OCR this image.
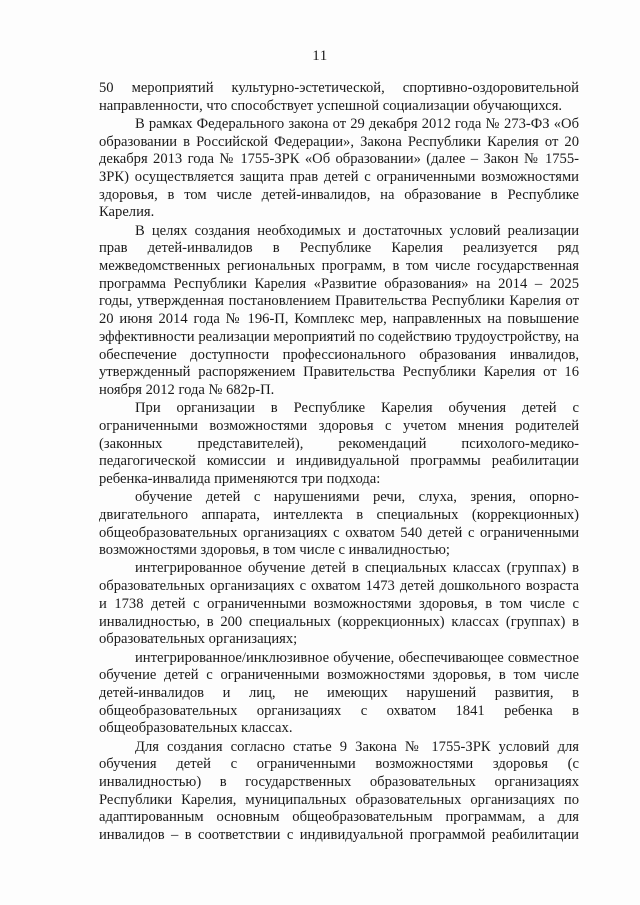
11

50 мероприятий культурно-эстетической, спортивно-оздоровительной направленности, что способствует успешной социализации обучающихся.

В рамках Федерального закона от 29 декабря 2012 года № 273-ФЗ «Об образовании в Российской Федерации», Закона Республики Карелия от 20 декабря 2013 года № 1755-ЗРК «Об образовании» (далее – Закон № 1755-ЗРК) осуществляется защита прав детей с ограниченными возможностями здоровья, в том числе детей-инвалидов, на образование в Республике Карелия.

В целях создания необходимых и достаточных условий реализации прав детей-инвалидов в Республике Карелия реализуется ряд межведомственных региональных программ, в том числе государственная программа Республики Карелия «Развитие образования» на 2014 – 2025 годы, утвержденная постановлением Правительства Республики Карелия от 20 июня 2014 года № 196-П, Комплекс мер, направленных на повышение эффективности реализации мероприятий по содействию трудоустройству, на обеспечение доступности профессионального образования инвалидов, утвержденный распоряжением Правительства Республики Карелия от 16 ноября 2012 года № 682р-П.

При организации в Республике Карелия обучения детей с ограниченными возможностями здоровья с учетом мнения родителей (законных представителей), рекомендаций психолого-медико-педагогической комиссии и индивидуальной программы реабилитации ребенка-инвалида применяются три подхода:

обучение детей с нарушениями речи, слуха, зрения, опорно-двигательного аппарата, интеллекта в специальных (коррекционных) общеобразовательных организациях с охватом 540 детей с ограниченными возможностями здоровья, в том числе с инвалидностью;

интегрированное обучение детей в специальных классах (группах) в образовательных организациях с охватом 1473 детей дошкольного возраста и 1738 детей с ограниченными возможностями здоровья, в том числе с инвалидностью, в 200 специальных (коррекционных) классах (группах) в образовательных организациях;

интегрированное/инклюзивное обучение, обеспечивающее совместное обучение детей с ограниченными возможностями здоровья, в том числе детей-инвалидов и лиц, не имеющих нарушений развития, в общеобразовательных организациях с охватом 1841 ребенка в общеобразовательных классах.

Для создания согласно статье 9 Закона № 1755-ЗРК условий для обучения детей с ограниченными возможностями здоровья (с инвалидностью) в государственных образовательных организациях Республики Карелия, муниципальных образовательных организациях по адаптированным основным общеобразовательным программам, а для инвалидов – в соответствии с индивидуальной программой реабилитации
